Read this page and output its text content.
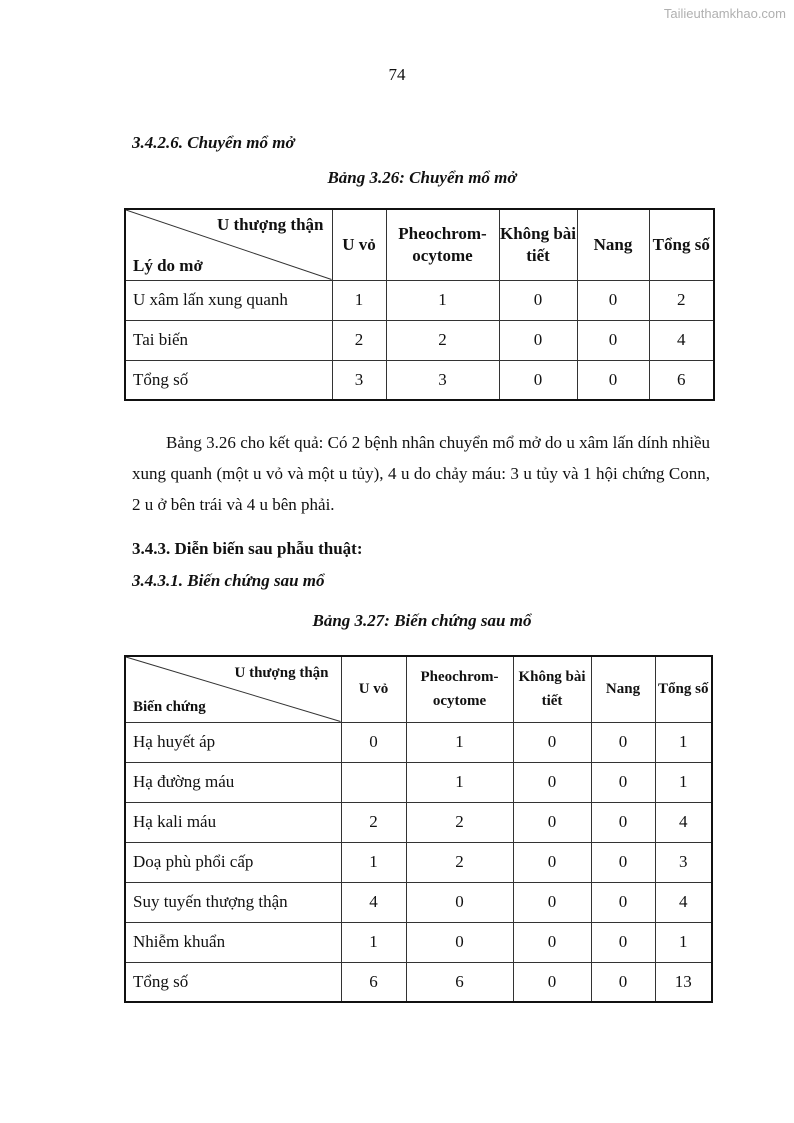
Tailieuthamkhao.com
74
3.4.2.6. Chuyển mổ mở
Bảng 3.26: Chuyển mổ mở
U thượng thận
Lý do mở	U vỏ	Pheochrom-ocytome	Không bài tiết	Nang	Tổng số
U xâm lấn xung quanh	1	1	0	0	2
Tai biến	2	2	0	0	4
Tổng số	3	3	0	0	6

Bảng 3.26 cho kết quả: Có 2 bệnh nhân chuyển mổ mở do u xâm lấn dính nhiều xung quanh (một u vỏ và một u tủy), 4 u do chảy máu: 3 u tủy và 1 hội chứng Conn, 2 u ở bên trái và 4 u bên phải.

3.4.3. Diễn biến sau phẫu thuật:
3.4.3.1. Biến chứng sau mổ
Bảng 3.27: Biến chứng sau mổ
U thượng thận
Biến chứng	U vỏ	Pheochrom-ocytome	Không bài tiết	Nang	Tổng số
Hạ huyết áp	0	1	0	0	1
Hạ đường máu		1	0	0	1
Hạ kali máu	2	2	0	0	4
Doạ phù phổi cấp	1	2	0	0	3
Suy tuyến thượng thận	4	0	0	0	4
Nhiễm khuẩn	1	0	0	0	1
Tổng số	6	6	0	0	13
